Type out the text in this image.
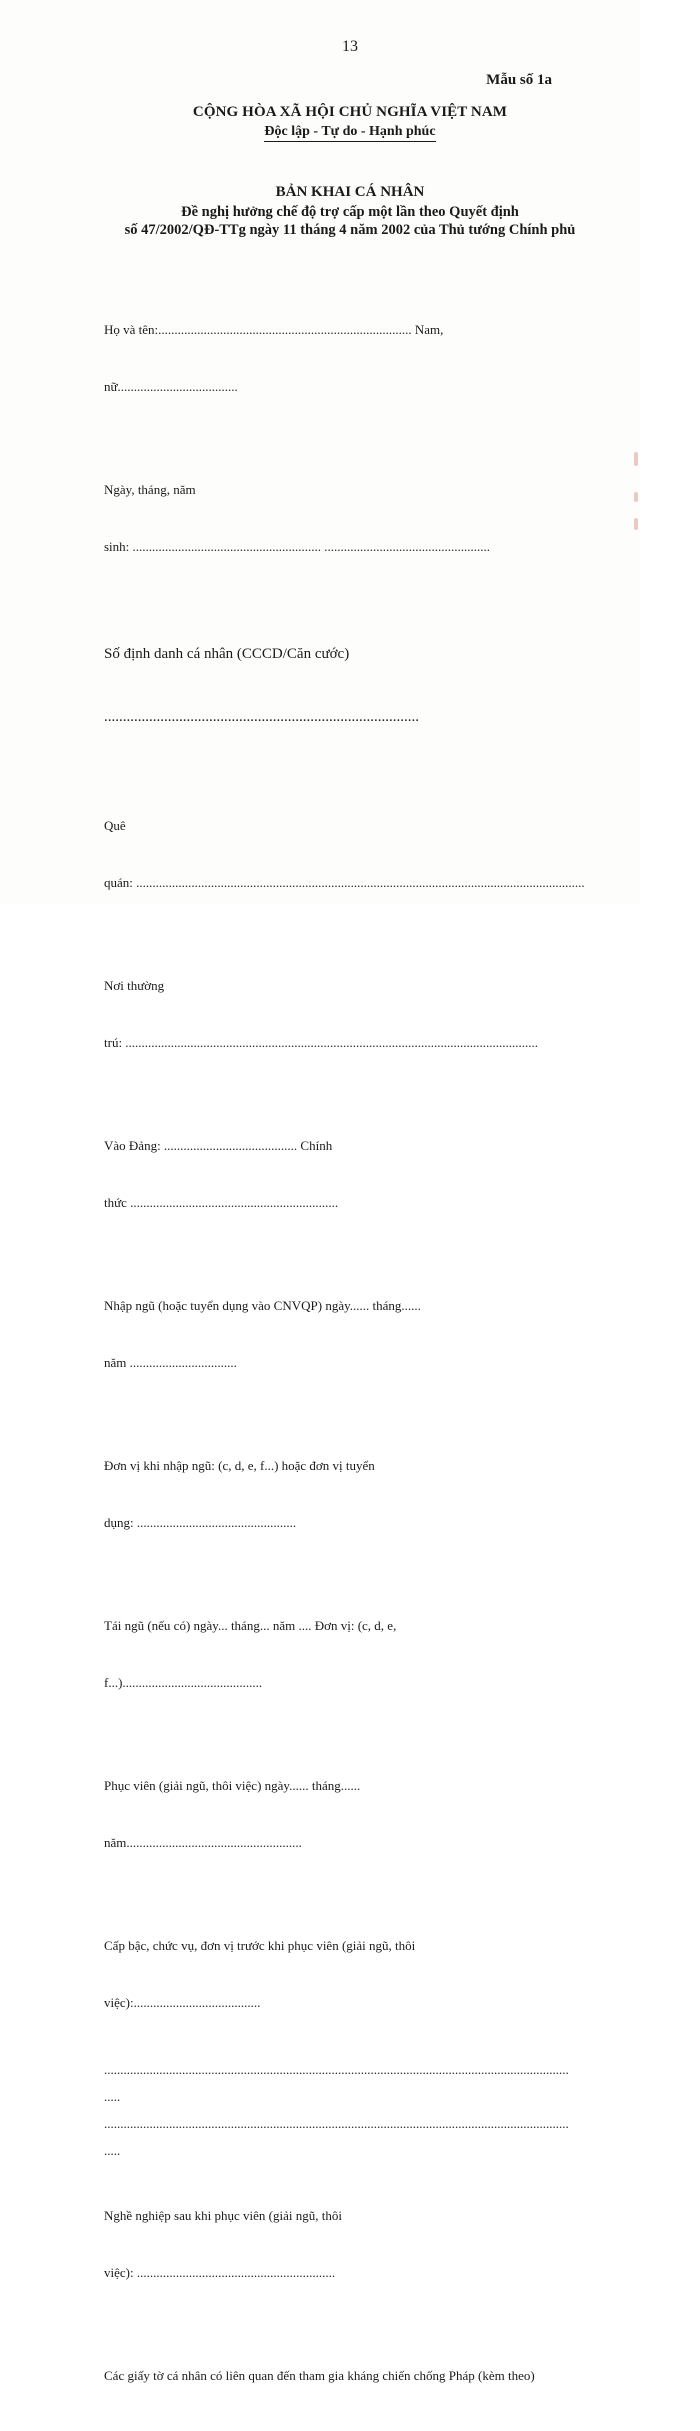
13
Mẫu số 1a
CỘNG HÒA XÃ HỘI CHỦ NGHĨA VIỆT NAM
Độc lập - Tự do - Hạnh phúc
BẢN KHAI CÁ NHÂN
Đề nghị hưởng chế độ trợ cấp một lần theo Quyết định
số 47/2002/QĐ-TTg ngày 11 tháng 4 năm 2002 của Thủ tướng Chính phủ

Họ và tên:.............................................................................. Nam,

nữ.....................................

Ngày, tháng, năm

sinh: .......................................................... ...................................................

Số định danh cá nhân (CCCD/Căn cước)

....................................................................................

Quê

quán: ..........................................................................................................................................

Nơi thường

trú: ...............................................................................................................................

Vào Đảng: ......................................... Chính

thức ................................................................

Nhập ngũ (hoặc tuyển dụng vào CNVQP) ngày...... tháng......

năm .................................

Đơn vị khi nhập ngũ: (c, d, e, f...) hoặc đơn vị tuyển

dụng: .................................................

Tái ngũ (nếu có) ngày... tháng... năm .... Đơn vị: (c, d, e,

f...)...........................................

Phục viên (giải ngũ, thôi việc) ngày...... tháng......

năm......................................................

Cấp bậc, chức vụ, đơn vị trước khi phục viên (giải ngũ, thôi

việc):.......................................

...............................................................................................................................................
.....
...............................................................................................................................................
.....

Nghề nghiệp sau khi phục viên (giải ngũ, thôi

việc): .............................................................

Các giấy tờ cá nhân có liên quan đến tham gia kháng chiến chống Pháp (kèm theo)
